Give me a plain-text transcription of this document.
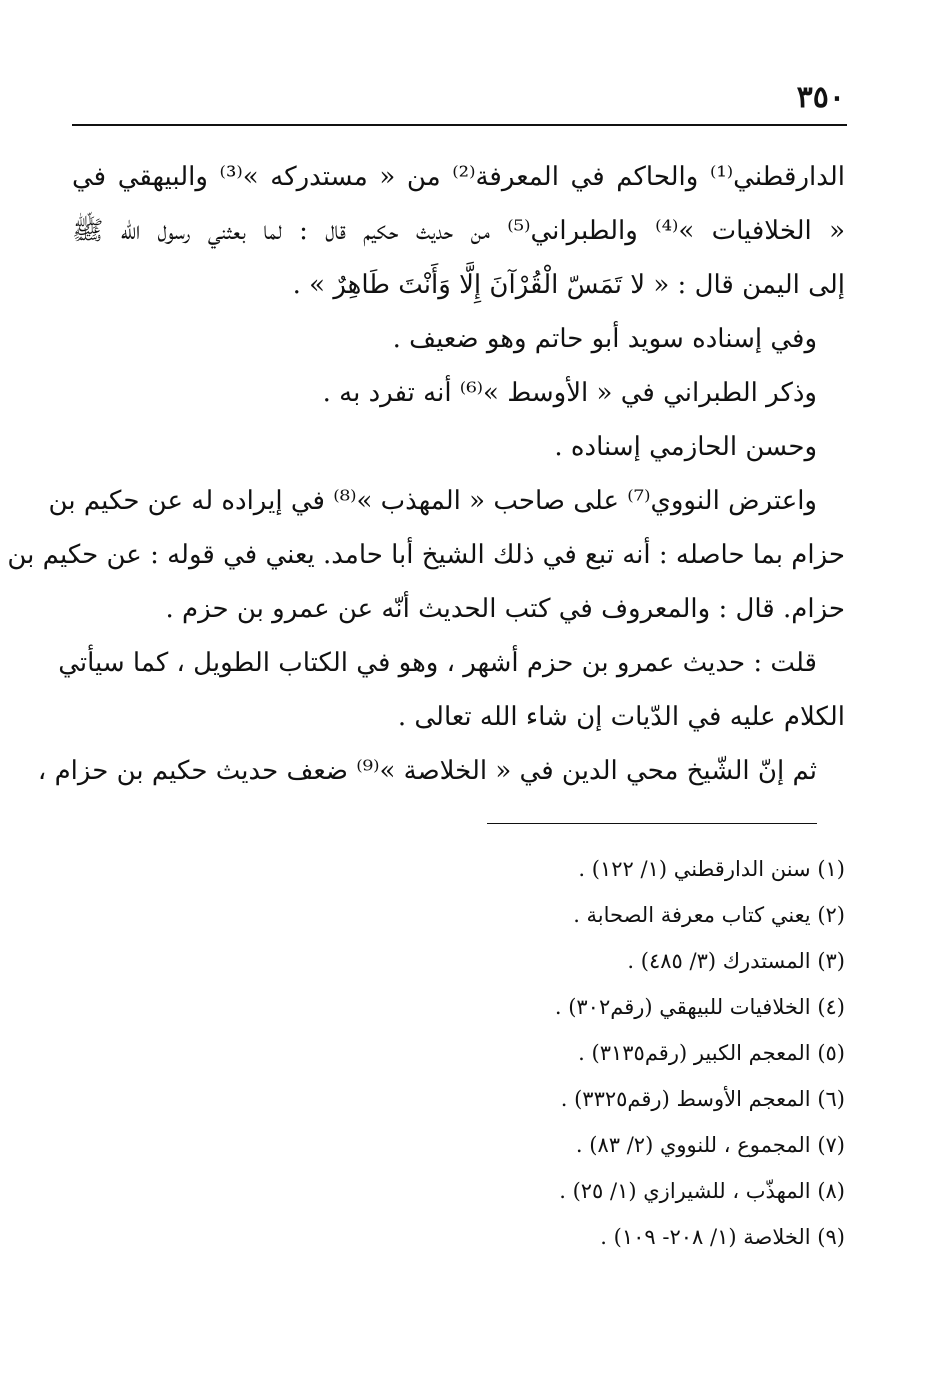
٣٥٠
الدارقطني⁽¹⁾ والحاكم في المعرفة⁽²⁾ من « مستدركه »⁽³⁾ والبيهقي في
« الخلافيات »⁽⁴⁾ والطبراني⁽⁵⁾ من حديث حكيم قال : لما بعثني رسول الله ﷺ
إلى اليمن قال : « لا تَمَسّ الْقُرْآنَ إِلَّا وَأَنْتَ طَاهِرٌ » .
وفي إسناده سويد أبو حاتم وهو ضعيف .
وذكر الطبراني في « الأوسط »⁽⁶⁾ أنه تفرد به .
وحسن الحازمي إسناده .
واعترض النووي⁽⁷⁾ على صاحب « المهذب »⁽⁸⁾ في إيراده له عن حكيم بن
حزام بما حاصله : أنه تبع في ذلك الشيخ أبا حامد. يعني في قوله : عن حكيم بن
حزام. قال : والمعروف في كتب الحديث أنّه عن عمرو بن حزم .
قلت : حديث عمرو بن حزم أشهر ، وهو في الكتاب الطويل ، كما سيأتي
الكلام عليه في الدّيات إن شاء الله تعالى .
ثم إنّ الشّيخ محي الدين في « الخلاصة »⁽⁹⁾ ضعف حديث حكيم بن حزام ،
(١) سنن الدارقطني (١/ ١٢٢) .
(٢) يعني كتاب معرفة الصحابة .
(٣) المستدرك (٣/ ٤٨٥) .
(٤) الخلافيات للبيهقي (رقم٣٠٢) .
(٥) المعجم الكبير (رقم٣١٣٥) .
(٦) المعجم الأوسط (رقم٣٣٢٥) .
(٧) المجموع ، للنووي (٢/ ٨٣) .
(٨) المهذّب ، للشيرازي (١/ ٢٥) .
(٩) الخلاصة (١/ ٢٠٨- ١٠٩) .
